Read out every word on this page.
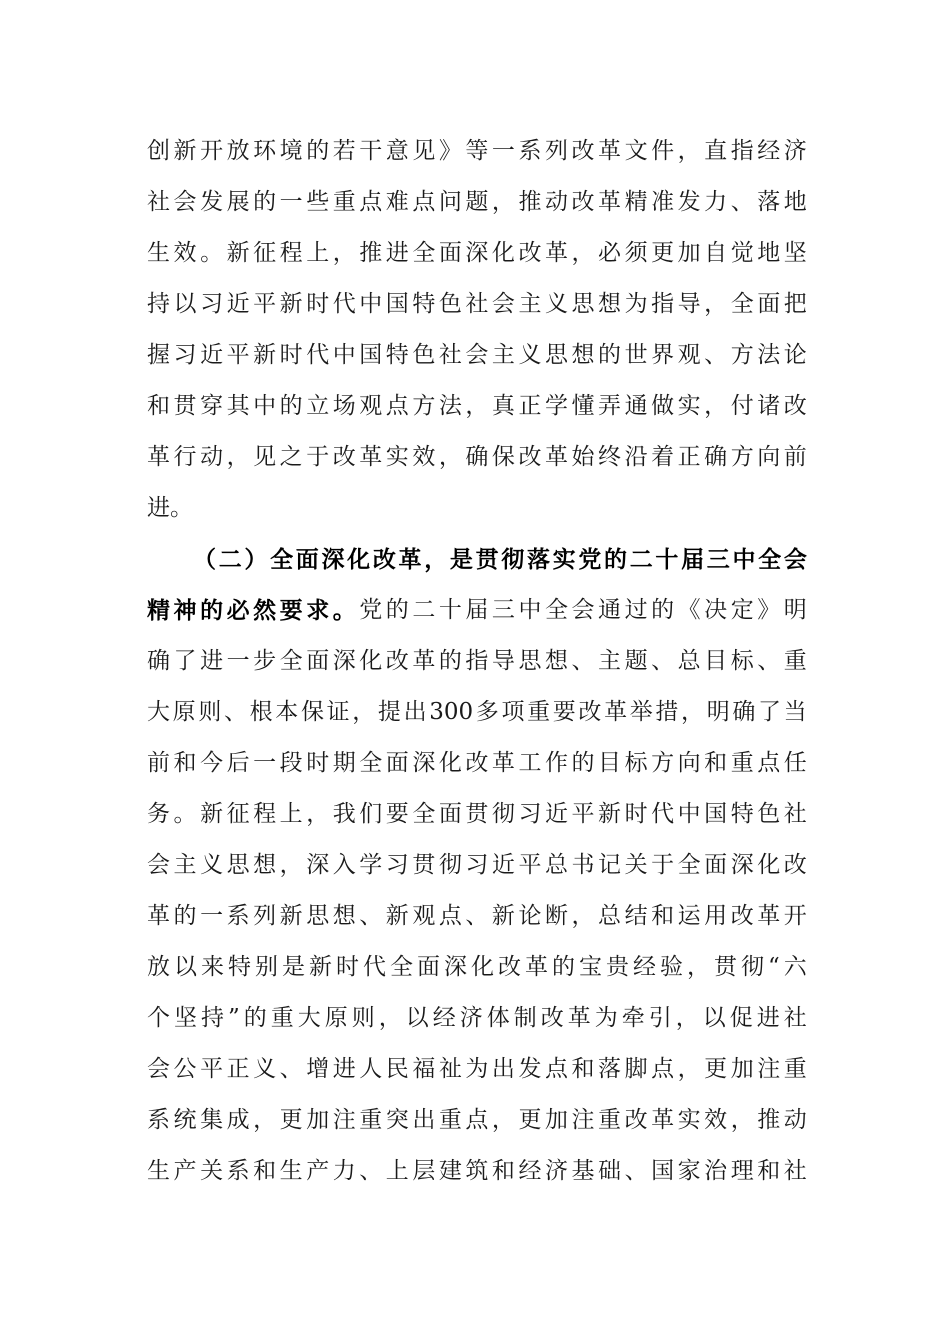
创 新 开 放 环 境 的 若 干 意 见 》 等 一 系 列 改 革 文 件 ， 直 指 经 济
社 会 发 展 的 一 些 重 点 难 点 问 题 ， 推 动 改 革 精 准 发 力 、 落 地
生 效 。 新 征 程 上 ， 推 进 全 面 深 化 改 革 ， 必 须 更 加 自 觉 地 坚
持 以 习 近 平 新 时 代 中 国 特 色 社 会 主 义 思 想 为 指 导 ， 全 面 把
握 习 近 平 新 时 代 中 国 特 色 社 会 主 义 思 想 的 世 界 观 、 方 法 论
和 贯 穿 其 中 的 立 场 观 点 方 法 ， 真 正 学 懂 弄 通 做 实 ， 付 诸 改
革 行 动 ， 见 之 于 改 革 实 效 ， 确 保 改 革 始 终 沿 着 正 确 方 向 前
进 。
（ 二 ） 全 面 深 化 改 革 ， 是 贯 彻 落 实 党 的 二 十 届 三 中 全 会
精 神 的 必 然 要 求 。 党 的 二 十 届 三 中 全 会 通 过 的 《 决 定 》 明
确 了 进 一 步 全 面 深 化 改 革 的 指 导 思 想 、 主 题 、 总 目 标 、 重
大 原 则 、 根 本 保 证 ， 提 出 300 多 项 重 要 改 革 举 措 ， 明 确 了 当
前 和 今 后 一 段 时 期 全 面 深 化 改 革 工 作 的 目 标 方 向 和 重 点 任
务 。 新 征 程 上 ， 我 们 要 全 面 贯 彻 习 近 平 新 时 代 中 国 特 色 社
会 主 义 思 想 ， 深 入 学 习 贯 彻 习 近 平 总 书 记 关 于 全 面 深 化 改
革 的 一 系 列 新 思 想 、 新 观 点 、 新 论 断 ， 总 结 和 运 用 改 革 开
放 以 来 特 别 是 新 时 代 全 面 深 化 改 革 的 宝 贵 经 验 ， 贯 彻 “ 六
个 坚 持 ” 的 重 大 原 则 ， 以 经 济 体 制 改 革 为 牵 引 ， 以 促 进 社
会 公 平 正 义 、 增 进 人 民 福 祉 为 出 发 点 和 落 脚 点 ， 更 加 注 重
系 统 集 成 ， 更 加 注 重 突 出 重 点 ， 更 加 注 重 改 革 实 效 ， 推 动
生 产 关 系 和 生 产 力 、 上 层 建 筑 和 经 济 基 础 、 国 家 治 理 和 社
